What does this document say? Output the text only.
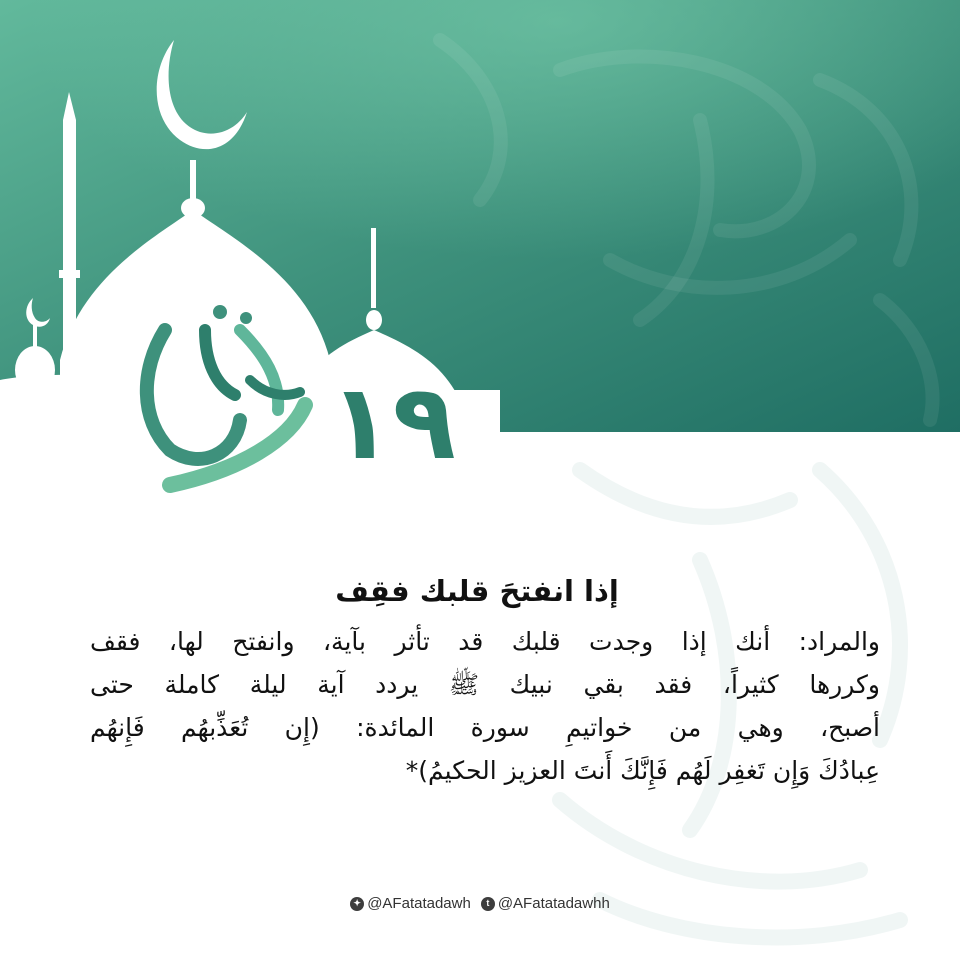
١٩
إذا انفتحَ قلبك فقِف

والمراد: أنك إذا وجدت قلبك قد تأثر بآية، وانفتح لها، فقف

وكررها كثيراً، فقد بقي نبيك ﷺ يردد آية ليلة كاملة حتى

أصبح، وهي من خواتيمِ سورة المائدة: (إِن تُعَذِّبهُم فَإِنهُم

عِبادُكَ وَإِن تَغفِر لَهُم فَإِنَّكَ أَنتَ العزيز الحكيمُ)*

✦ @AFatatadawh	t @AFatatadawhh
